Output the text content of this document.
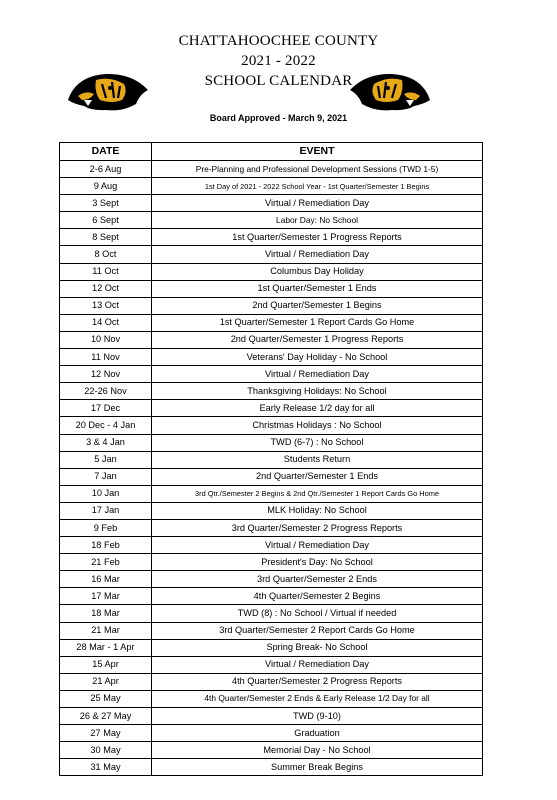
CHATTAHOOCHEE COUNTY
2021 - 2022
SCHOOL CALENDAR
Board Approved - March 9, 2021
DATE	EVENT
2-6 Aug	Pre-Planning and Professional Development Sessions (TWD 1-5)
9 Aug	1st Day of 2021 - 2022 School Year - 1st Quarter/Semester 1 Begins
3 Sept	Virtual / Remediation Day
6 Sept	Labor Day: No School
8 Sept	1st Quarter/Semester 1 Progress Reports
8 Oct	Virtual / Remediation Day
11 Oct	Columbus Day Holiday
12 Oct	1st Quarter/Semester 1 Ends
13 Oct	2nd Quarter/Semester 1 Begins
14 Oct	1st Quarter/Semester 1 Report Cards Go Home
10 Nov	2nd Quarter/Semester 1 Progress Reports
11 Nov	Veterans' Day Holiday - No School
12 Nov	Virtual / Remediation Day
22-26 Nov	Thanksgiving Holidays: No School
17 Dec	Early Release 1/2 day for all
20 Dec - 4 Jan	Christmas Holidays : No School
3 & 4 Jan	TWD (6-7) : No School
5 Jan	Students Return
7 Jan	2nd Quarter/Semester 1 Ends
10 Jan	3rd Qtr./Semester 2 Begins & 2nd Qtr./Semester 1 Report Cards Go Home
17 Jan	MLK Holiday: No School
9 Feb	3rd Quarter/Semester 2 Progress Reports
18 Feb	Virtual / Remediation Day
21 Feb	President's Day: No School
16 Mar	3rd Quarter/Semester 2 Ends
17 Mar	4th Quarter/Semester 2 Begins
18 Mar	TWD (8) : No School / Virtual if needed
21 Mar	3rd Quarter/Semester 2 Report Cards Go Home
28 Mar - 1 Apr	Spring Break- No School
15 Apr	Virtual / Remediation Day
21 Apr	4th Quarter/Semester 2 Progress Reports
25 May	4th Quarter/Semester 2 Ends & Early Release 1/2 Day for all
26 & 27 May	TWD (9-10)
27 May	Graduation
30 May	Memorial Day - No School
31 May	Summer Break Begins
